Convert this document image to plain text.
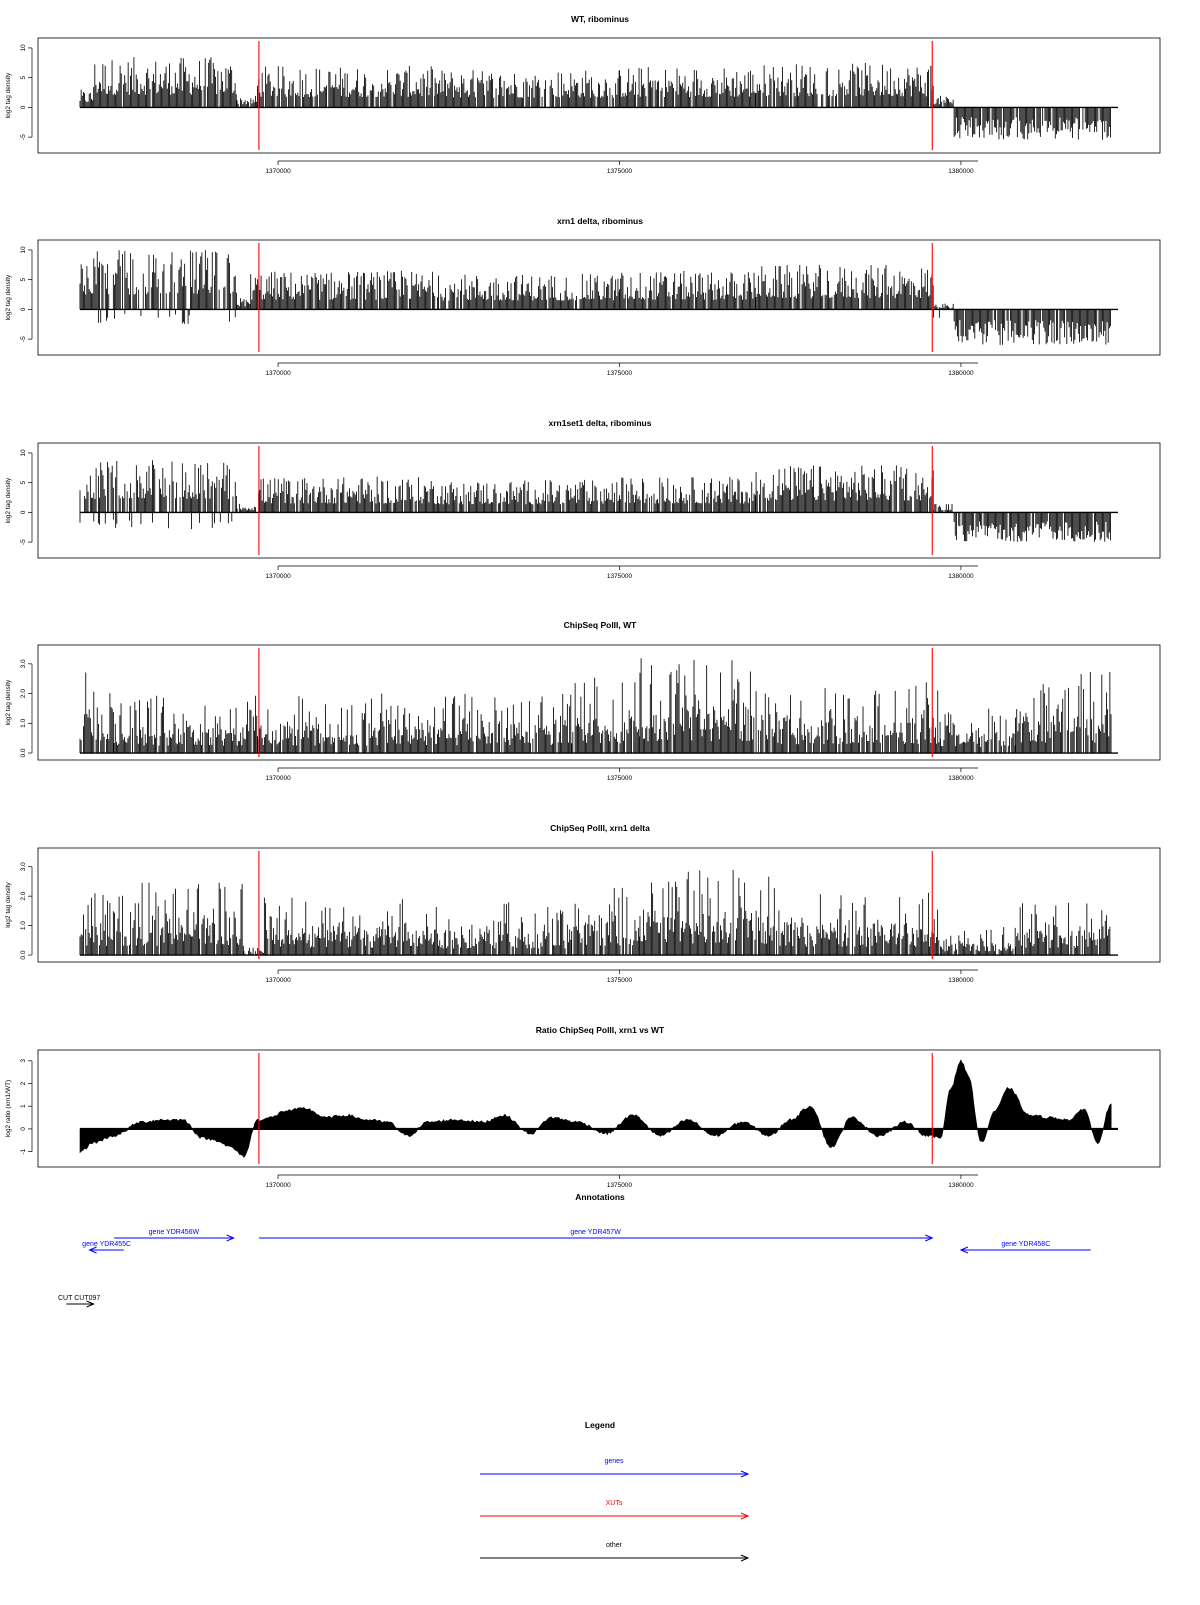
WT, ribominus
-5
0
5
10
log2 tag density
1370000	1375000	1380000
xrn1 delta, ribominus
-5
0
5
10
log2 tag density
1370000	1375000	1380000
xrn1set1 delta, ribominus
-5
0
5
10
log2 tag density
1370000	1375000	1380000
ChipSeq PolII, WT
0.0
1.0
2.0
3.0
log2 tag density
1370000	1375000	1380000
ChipSeq PolII, xrn1 delta
0.0
1.0
2.0
3.0
log2 tag density
1370000	1375000	1380000
Ratio ChipSeq PolII, xrn1 vs WT
-1
0
1
2
3
log2 ratio (xrn1/WT)
1370000	1375000	1380000
Annotations
gene YDR455C
gene YDR456W	gene YDR457W
gene YDR458C
CUT CUT097
Legend
genes
XUTs
other
